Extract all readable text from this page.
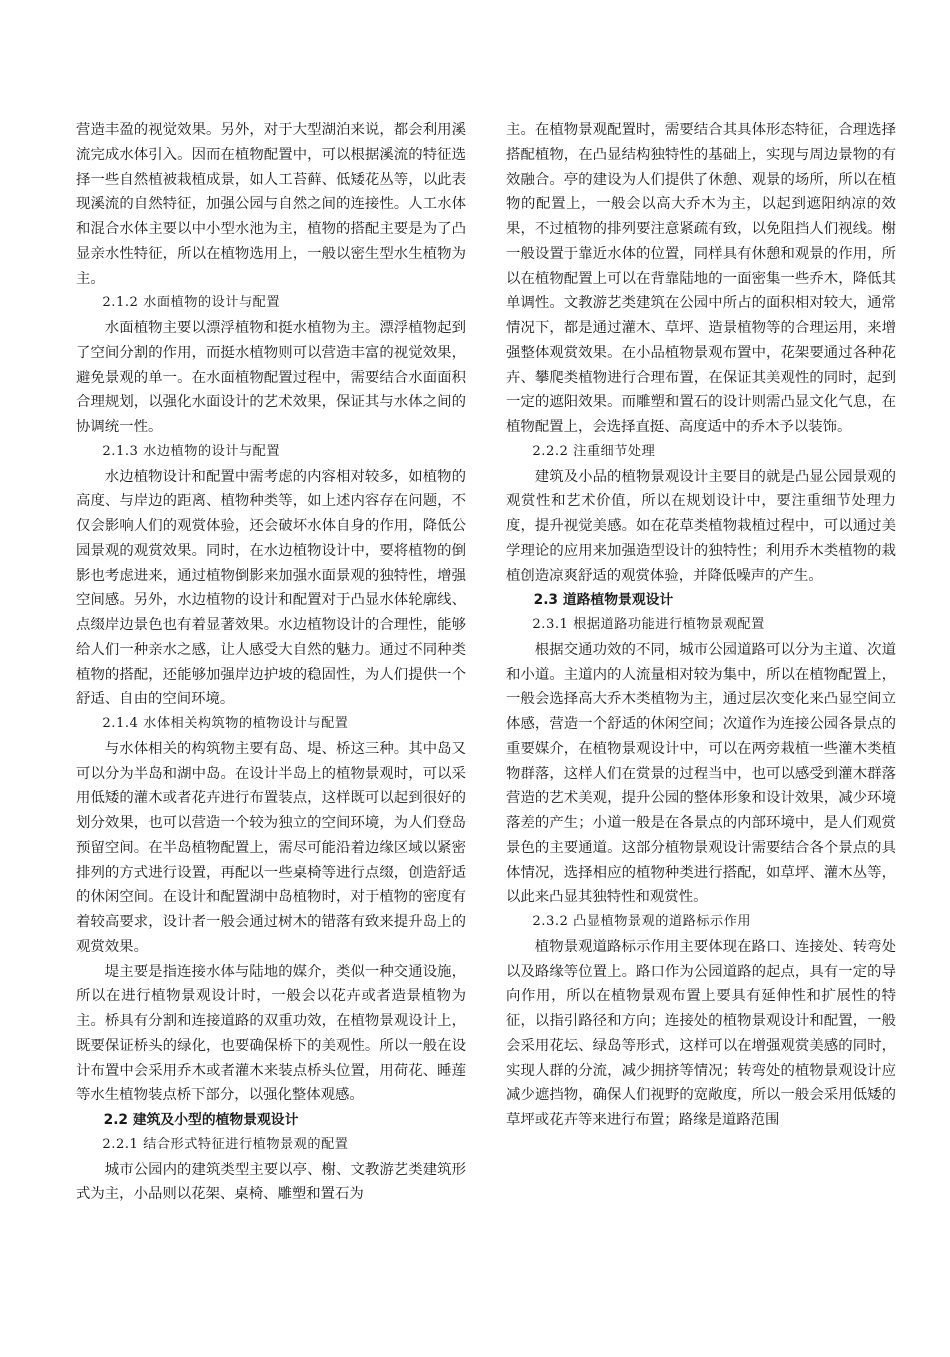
营造丰盈的视觉效果。另外，对于大型湖泊来说，都会利用溪流完成水体引入。因而在植物配置中，可以根据溪流的特征选择一些自然植被栽植成景，如人工苔藓、低矮花丛等，以此表现溪流的自然特征，加强公园与自然之间的连接性。人工水体和混合水体主要以中小型水池为主，植物的搭配主要是为了凸显亲水性特征，所以在植物选用上，一般以密生型水生植物为主。

2.1.2 水面植物的设计与配置

水面植物主要以漂浮植物和挺水植物为主。漂浮植物起到了空间分割的作用，而挺水植物则可以营造丰富的视觉效果，避免景观的单一。在水面植物配置过程中，需要结合水面面积合理规划，以强化水面设计的艺术效果，保证其与水体之间的协调统一性。

2.1.3 水边植物的设计与配置

水边植物设计和配置中需考虑的内容相对较多，如植物的高度、与岸边的距离、植物种类等，如上述内容存在问题，不仅会影响人们的观赏体验，还会破坏水体自身的作用，降低公园景观的观赏效果。同时，在水边植物设计中，要将植物的倒影也考虑进来，通过植物倒影来加强水面景观的独特性，增强空间感。另外，水边植物的设计和配置对于凸显水体轮廓线、点缀岸边景色也有着显著效果。水边植物设计的合理性，能够给人们一种亲水之感，让人感受大自然的魅力。通过不同种类植物的搭配，还能够加强岸边护坡的稳固性，为人们提供一个舒适、自由的空间环境。

2.1.4 水体相关构筑物的植物设计与配置

与水体相关的构筑物主要有岛、堤、桥这三种。其中岛又可以分为半岛和湖中岛。在设计半岛上的植物景观时，可以采用低矮的灌木或者花卉进行布置装点，这样既可以起到很好的划分效果，也可以营造一个较为独立的空间环境，为人们登岛预留空间。在半岛植物配置上，需尽可能沿着边缘区域以紧密排列的方式进行设置，再配以一些桌椅等进行点缀，创造舒适的休闲空间。在设计和配置湖中岛植物时，对于植物的密度有着较高要求，设计者一般会通过树木的错落有致来提升岛上的观赏效果。

堤主要是指连接水体与陆地的媒介，类似一种交通设施，所以在进行植物景观设计时，一般会以花卉或者造景植物为主。桥具有分割和连接道路的双重功效，在植物景观设计上，既要保证桥头的绿化，也要确保桥下的美观性。所以一般在设计布置中会采用乔木或者灌木来装点桥头位置，用荷花、睡莲等水生植物装点桥下部分，以强化整体观感。

2.2 建筑及小型的植物景观设计
2.2.1 结合形式特征进行植物景观的配置

城市公园内的建筑类型主要以亭、榭、文教游艺类建筑形式为主，小品则以花架、桌椅、雕塑和置石为

主。在植物景观配置时，需要结合其具体形态特征，合理选择搭配植物，在凸显结构独特性的基础上，实现与周边景物的有效融合。亭的建设为人们提供了休憩、观景的场所，所以在植物的配置上，一般会以高大乔木为主，以起到遮阳纳凉的效果，不过植物的排列要注意紧疏有致，以免阻挡人们视线。榭一般设置于靠近水体的位置，同样具有休憩和观景的作用，所以在植物配置上可以在背靠陆地的一面密集一些乔木，降低其单调性。文教游艺类建筑在公园中所占的面积相对较大，通常情况下，都是通过灌木、草坪、造景植物等的合理运用，来增强整体观赏效果。在小品植物景观布置中，花架要通过各种花卉、攀爬类植物进行合理布置，在保证其美观性的同时，起到一定的遮阳效果。而雕塑和置石的设计则需凸显文化气息，在植物配置上，会选择直挺、高度适中的乔木予以装饰。

2.2.2 注重细节处理

建筑及小品的植物景观设计主要目的就是凸显公园景观的观赏性和艺术价值，所以在规划设计中，要注重细节处理力度，提升视觉美感。如在花草类植物栽植过程中，可以通过美学理论的应用来加强造型设计的独特性；利用乔木类植物的栽植创造凉爽舒适的观赏体验，并降低噪声的产生。

2.3 道路植物景观设计
2.3.1 根据道路功能进行植物景观配置

根据交通功效的不同，城市公园道路可以分为主道、次道和小道。主道内的人流量相对较为集中，所以在植物配置上，一般会选择高大乔木类植物为主，通过层次变化来凸显空间立体感，营造一个舒适的休闲空间；次道作为连接公园各景点的重要媒介，在植物景观设计中，可以在两旁栽植一些灌木类植物群落，这样人们在赏景的过程当中，也可以感受到灌木群落营造的艺术美观，提升公园的整体形象和设计效果，减少环境落差的产生；小道一般是在各景点的内部环境中，是人们观赏景色的主要通道。这部分植物景观设计需要结合各个景点的具体情况，选择相应的植物种类进行搭配，如草坪、灌木丛等，以此来凸显其独特性和观赏性。

2.3.2 凸显植物景观的道路标示作用

植物景观道路标示作用主要体现在路口、连接处、转弯处以及路缘等位置上。路口作为公园道路的起点，具有一定的导向作用，所以在植物景观布置上要具有延伸性和扩展性的特征，以指引路径和方向；连接处的植物景观设计和配置，一般会采用花坛、绿岛等形式，这样可以在增强观赏美感的同时，实现人群的分流，减少拥挤等情况；转弯处的植物景观设计应减少遮挡物，确保人们视野的宽敞度，所以一般会采用低矮的草坪或花卉等来进行布置；路缘是道路范围
